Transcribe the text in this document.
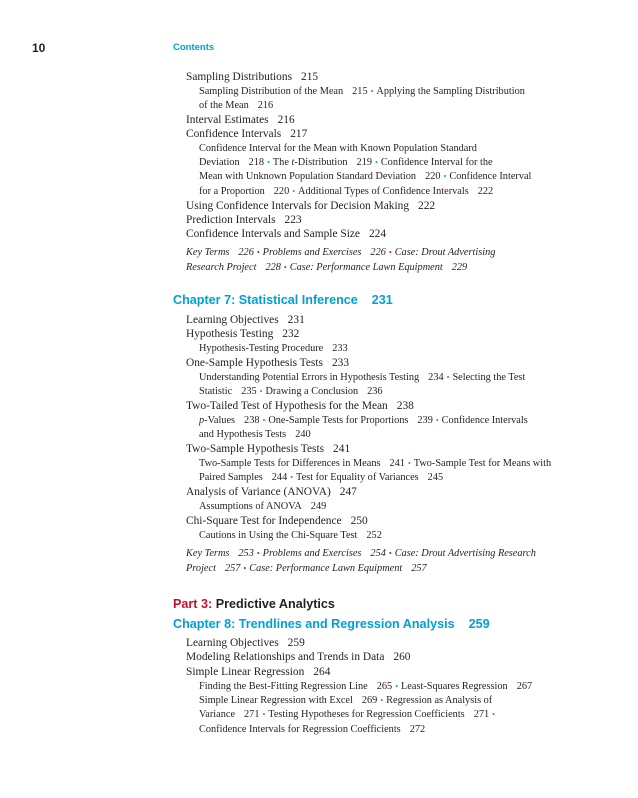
10	Contents
Sampling Distributions 215
Sampling Distribution of the Mean 215 • Applying the Sampling Distribution
of the Mean 216
Interval Estimates 216
Confidence Intervals 217
Confidence Interval for the Mean with Known Population Standard
Deviation 218 • The t-Distribution 219 • Confidence Interval for the
Mean with Unknown Population Standard Deviation 220 • Confidence Interval
for a Proportion 220 • Additional Types of Confidence Intervals 222
Using Confidence Intervals for Decision Making 222
Prediction Intervals 223
Confidence Intervals and Sample Size 224
Key Terms 226 • Problems and Exercises 226 • Case: Drout Advertising
Research Project 228 • Case: Performance Lawn Equipment 229
Chapter 7: Statistical Inference 231
Learning Objectives 231
Hypothesis Testing 232
Hypothesis-Testing Procedure 233
One-Sample Hypothesis Tests 233
Understanding Potential Errors in Hypothesis Testing 234 • Selecting the Test
Statistic 235 • Drawing a Conclusion 236
Two-Tailed Test of Hypothesis for the Mean 238
p-Values 238 • One-Sample Tests for Proportions 239 • Confidence Intervals
and Hypothesis Tests 240
Two-Sample Hypothesis Tests 241
Two-Sample Tests for Differences in Means 241 • Two-Sample Test for Means with
Paired Samples 244 • Test for Equality of Variances 245
Analysis of Variance (ANOVA) 247
Assumptions of ANOVA 249
Chi-Square Test for Independence 250
Cautions in Using the Chi-Square Test 252
Key Terms 253 • Problems and Exercises 254 • Case: Drout Advertising Research
Project 257 • Case: Performance Lawn Equipment 257
Part 3: Predictive Analytics
Chapter 8: Trendlines and Regression Analysis 259
Learning Objectives 259
Modeling Relationships and Trends in Data 260
Simple Linear Regression 264
Finding the Best-Fitting Regression Line 265 • Least-Squares Regression 267
Simple Linear Regression with Excel 269 • Regression as Analysis of
Variance 271 • Testing Hypotheses for Regression Coefficients 271 •
Confidence Intervals for Regression Coefficients 272
